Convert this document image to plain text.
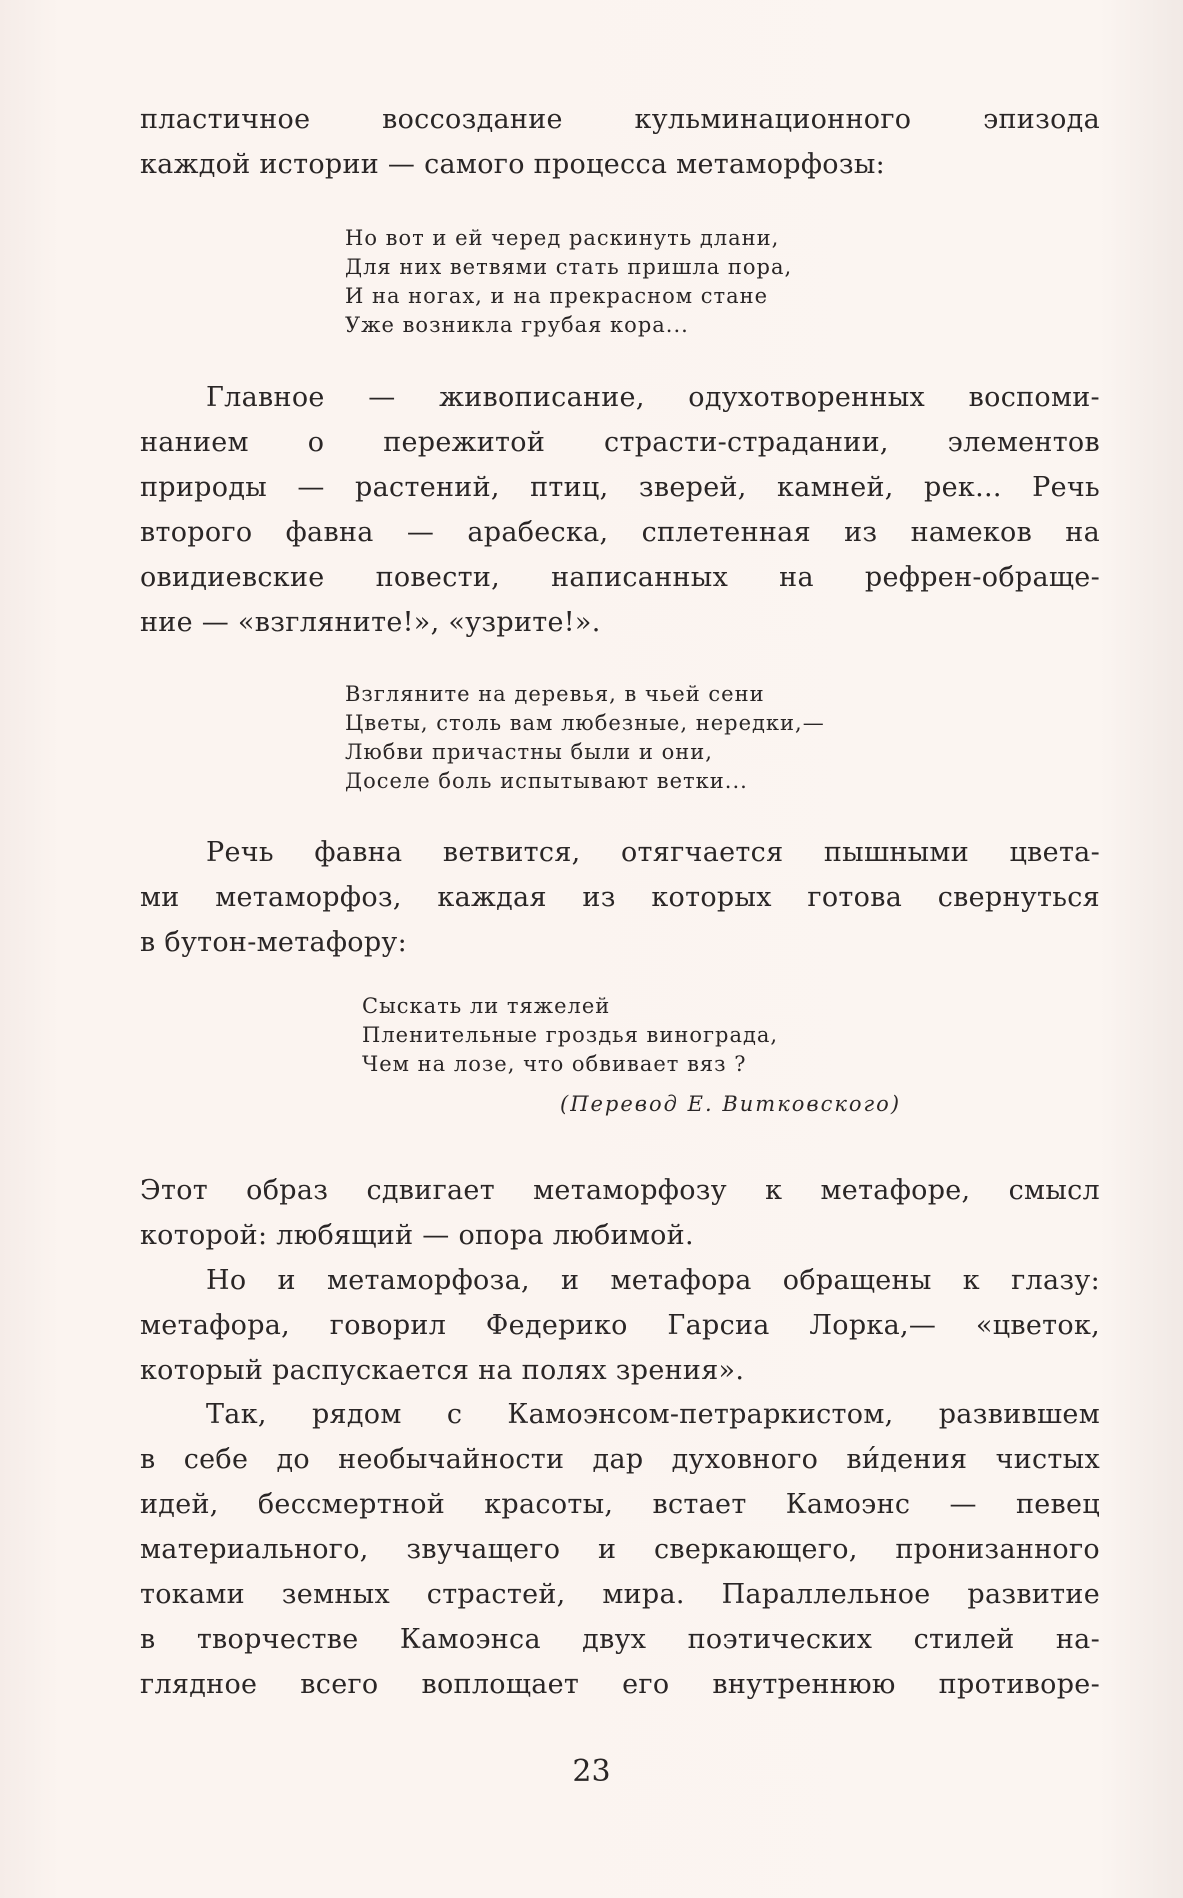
пластичное воссоздание кульминационного эпизода
каждой истории — самого процесса метаморфозы:
Но вот и ей черед раскинуть длани,
Для них ветвями стать пришла пора,
И на ногах, и на прекрасном стане
Уже возникла грубая кора...
Главное — живописание, одухотворенных воспоми-
нанием о пережитой страсти-страдании, элементов
природы — растений, птиц, зверей, камней, рек... Речь
второго фавна — арабеска, сплетенная из намеков на
овидиевские повести, написанных на рефрен-обраще-
ние — «взгляните!», «узрите!».
Взгляните на деревья, в чьей сени
Цветы, столь вам любезные, нередки,—
Любви причастны были и они,
Доселе боль испытывают ветки...
Речь фавна ветвится, отягчается пышными цвета-
ми метаморфоз, каждая из которых готова свернуться
в бутон-метафору:
Сыскать ли тяжелей
Пленительные гроздья винограда,
Чем на лозе, что обвивает вяз ?
(Перевод Е. Витковского)
Этот образ сдвигает метаморфозу к метафоре, смысл
которой: любящий — опора любимой.
Но и метаморфоза, и метафора обращены к глазу:
метафора, говорил Федерико Гарсиа Лорка,— «цветок,
который распускается на полях зрения».
Так, рядом с Камоэнсом-петраркистом, развившем
в себе до необычайности дар духовного ви́дения чистых
идей, бессмертной красоты, встает Камоэнс — певец
материального, звучащего и сверкающего, пронизанного
токами земных страстей, мира. Параллельное развитие
в творчестве Камоэнса двух поэтических стилей на-
глядное всего воплощает его внутреннюю противоре-
23
